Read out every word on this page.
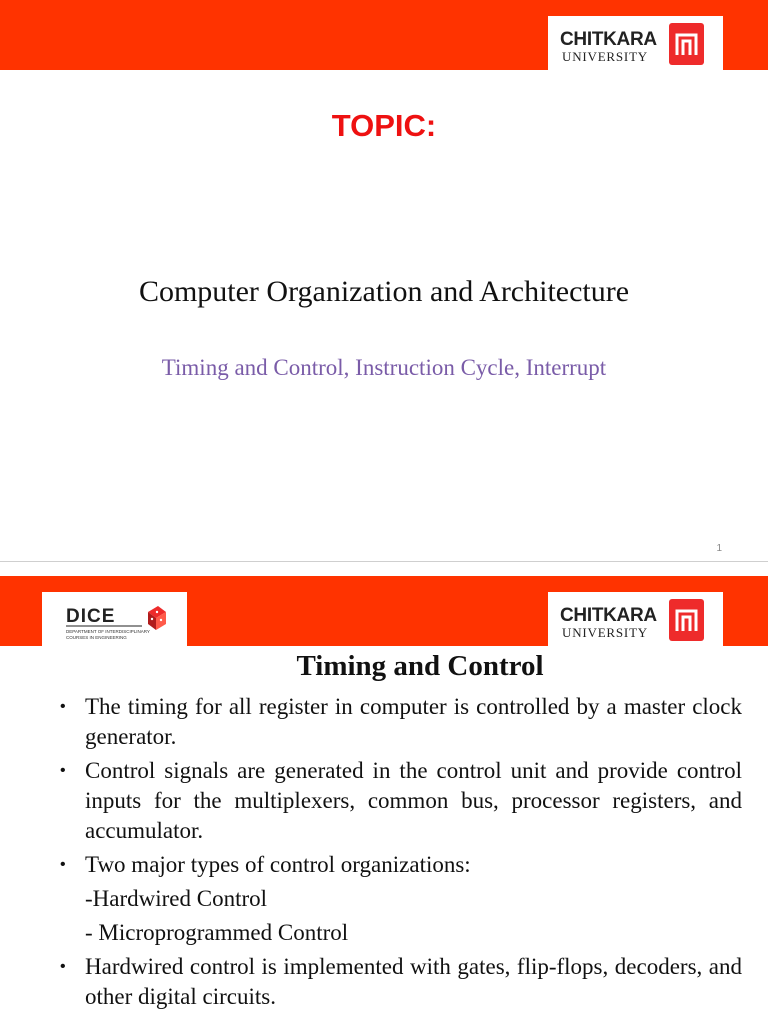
CHITKARA
UNIVERSITY
TOPIC:
Computer Organization and Architecture
Timing and Control, Instruction Cycle, Interrupt
1
DICE
DEPARTMENT OF INTERDISCIPLINARY
COURSES IN ENGINEERING
CHITKARA
UNIVERSITY
Timing and Control
• The timing for all register in computer is controlled by a master clock generator.
• Control signals are generated in the control unit and provide control inputs for the multiplexers, common bus, processor registers, and accumulator.
• Two major types of control organizations:
-Hardwired Control
- Microprogrammed Control
• Hardwired control is implemented with gates, flip-flops, decoders, and other digital circuits.
